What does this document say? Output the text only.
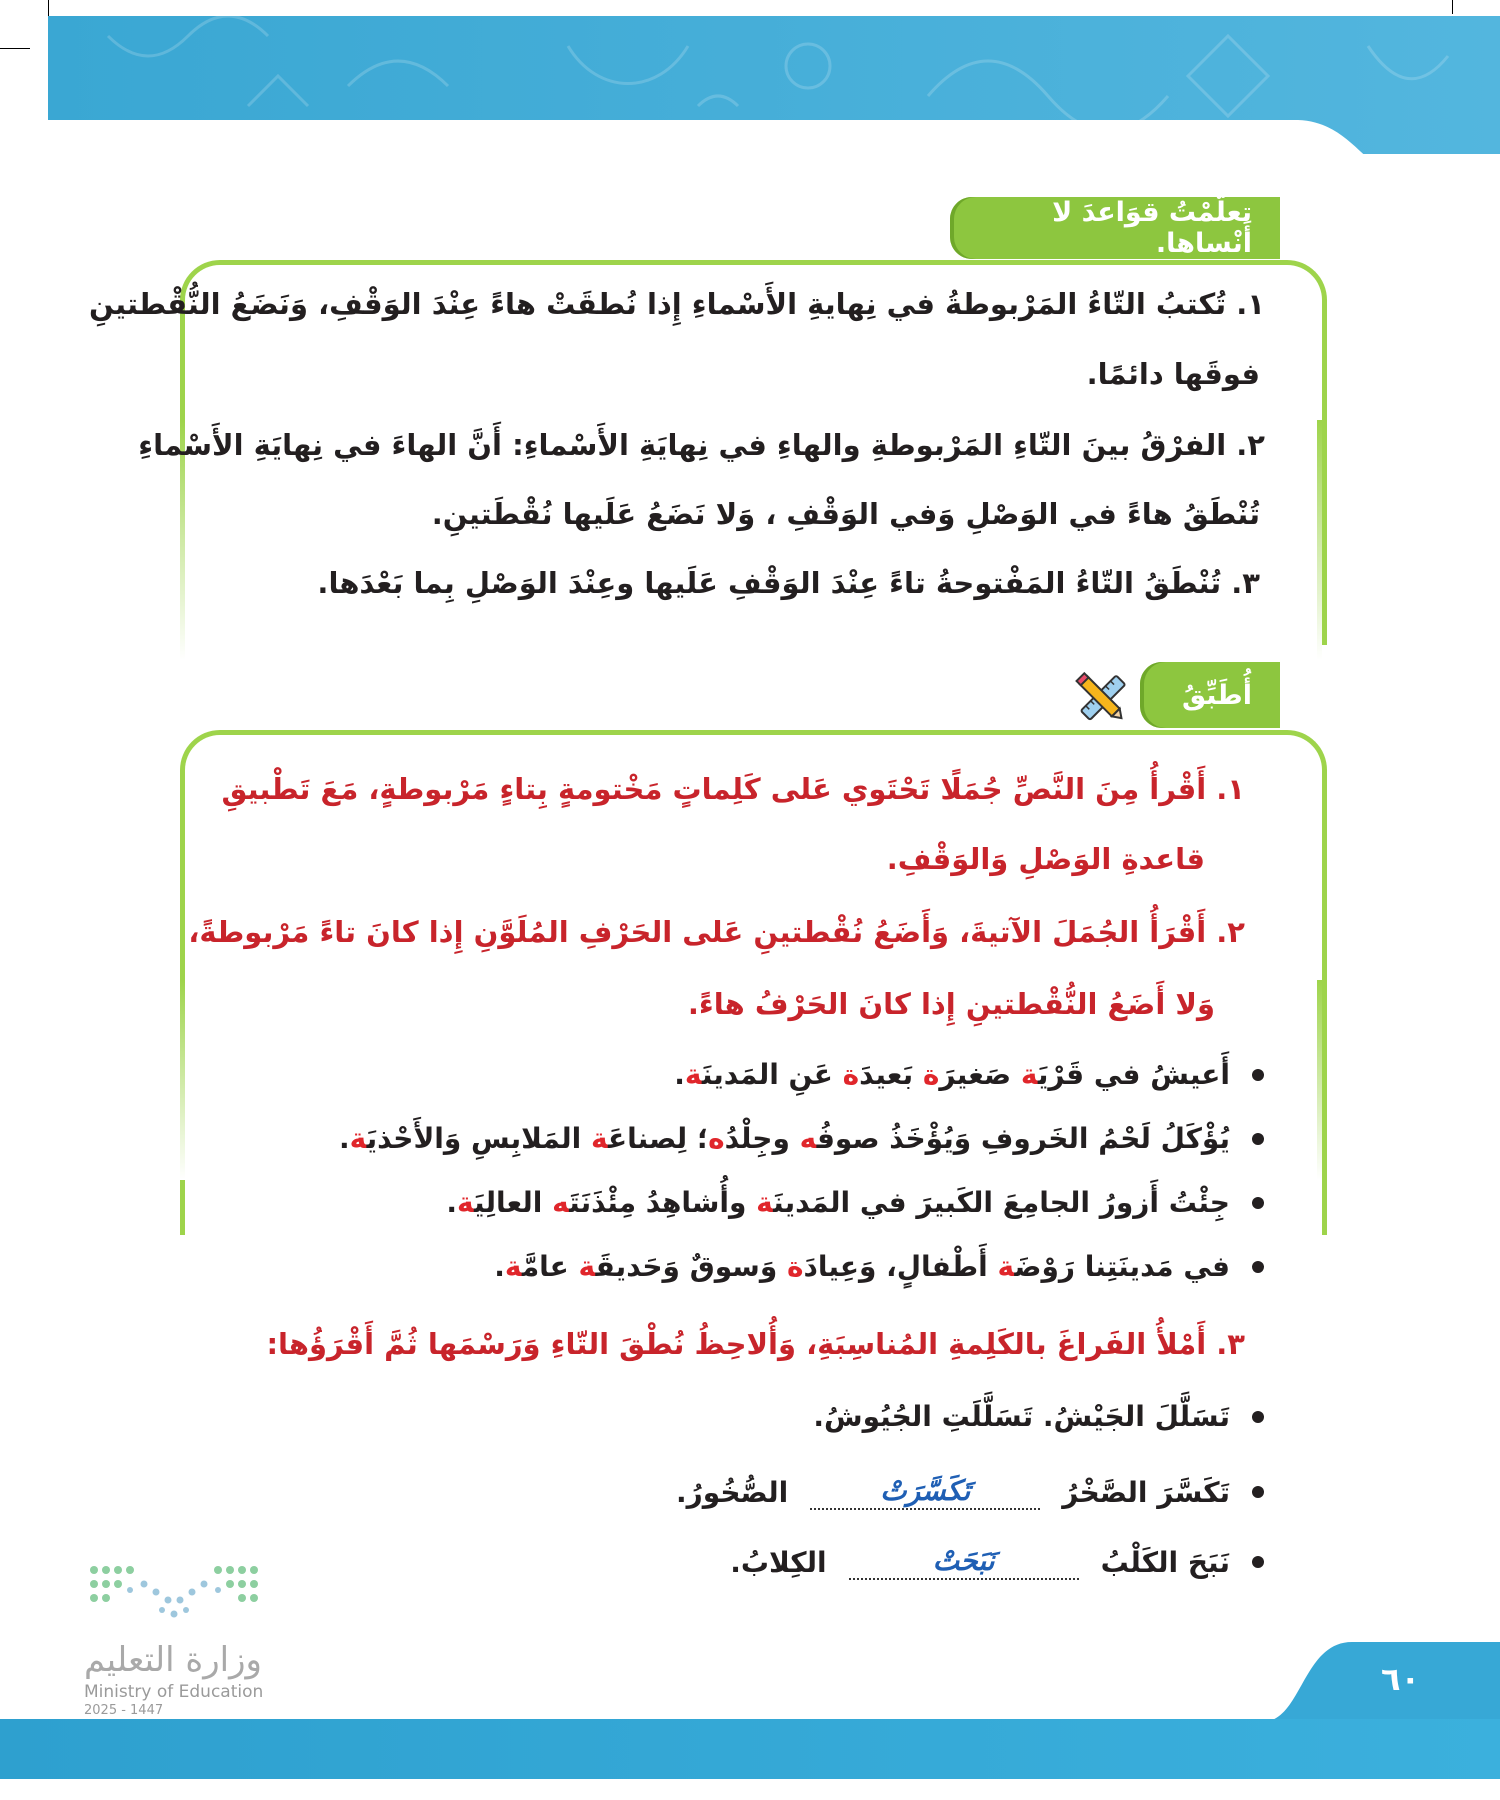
تعلَّمْتُ قوَاعدَ لا أَنْساها.
١. تُكتبُ التّاءُ المَرْبوطةُ في نِهايةِ الأَسْماءِ إِذا نُطقَتْ هاءً عِنْدَ الوَقْفِ، وَنَضَعُ النُّقْطتينِ
فوقَها دائمًا.
٢. الفرْقُ بينَ التّاءِ المَرْبوطةِ والهاءِ في نِهايَةِ الأَسْماءِ: أَنَّ الهاءَ في نِهايَةِ الأَسْماءِ
تُنْطَقُ هاءً في الوَصْلِ وَفي الوَقْفِ ، وَلا نَضَعُ عَلَيها نُقْطَتينِ.
٣. تُنْطَقُ التّاءُ المَفْتوحةُ تاءً عِنْدَ الوَقْفِ عَلَيها وعِنْدَ الوَصْلِ بِما بَعْدَها.
أُطَبِّقُ
١. أَقْرأُ مِنَ النَّصِّ جُمَلًا تَحْتَوي عَلى كَلِماتٍ مَخْتومةٍ بِتاءٍ مَرْبوطةٍ، مَعَ تَطْبيقِ
قاعدةِ الوَصْلِ وَالوَقْفِ.
٢. أَقْرَأُ الجُمَلَ الآتيةَ، وَأَضَعُ نُقْطتينِ عَلى الحَرْفِ المُلَوَّنِ إِذا كانَ تاءً مَرْبوطةً،
وَلا أَضَعُ النُّقْطتينِ إِذا كانَ الحَرْفُ هاءً.
أَعيشُ في قَرْيَة صَغيرَة بَعيدَة عَنِ المَدينَة.
يُؤْكَلُ لَحْمُ الخَروفِ وَيُؤْخَذُ صوفُه وجِلْدُه؛ لِصناعَة المَلابِسِ وَالأَحْذيَة.
جِئْتُ أَزورُ الجامِعَ الكَبيرَ في المَدينَة وأُشاهِدُ مِئْذَنَتَه العالِيَة.
في مَدينَتِنا رَوْضَة أَطْفالٍ، وَعِيادَة وَسوقٌ وَحَديقَة عامَّة.
٣. أَمْلأُ الفَراغَ بالكَلِمةِ المُناسِبَةِ، وَأُلاحِظُ نُطْقَ التّاءِ وَرَسْمَها ثُمَّ أَقْرَؤُها:
تَسَلَّلَ الجَيْشُ. تَسَلَّلَتِ الجُيُوشُ.
تَكَسَّرَ الصَّخْرُ
تَكَسَّرَتْ
الصُّخُورُ.
نَبَحَ الكَلْبُ
نَبَحَتْ
الكِلابُ.
وزارة التعليم
Ministry of Education
2025 - 1447
٦٠
